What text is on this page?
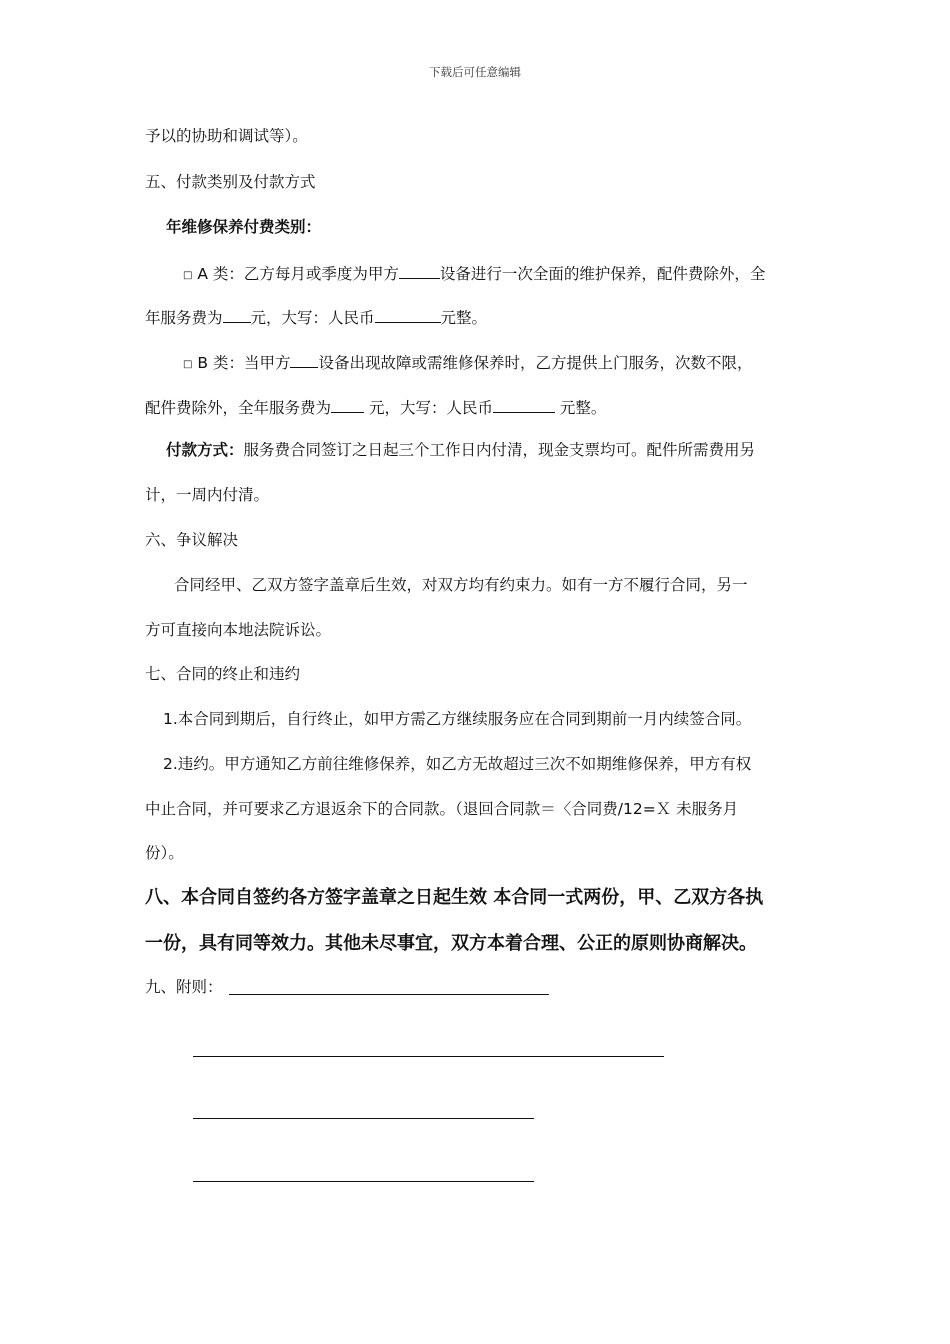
下载后可任意编辑
予以的协助和调试等）。
五、付款类别及付款方式
年维修保养付费类别：
□ A 类：乙方每月或季度为甲方	设备进行一次全面的维护保养，配件费除外，全
年服务费为 元，大写：人民币	元整。
□ B 类：当甲方 设备出现故障或需维修保养时，乙方提供上门服务，次数不限，
配件费除外，全年服务费为 元，大写：人民币	元整。
付款方式：服务费合同签订之日起三个工作日内付清，现金支票均可。配件所需费用另
计，一周内付清。
六、争议解决
合同经甲、乙双方签字盖章后生效，对双方均有约束力。如有一方不履行合同，另一
方可直接向本地法院诉讼。
七、合同的终止和违约
1.本合同到期后，自行终止，如甲方需乙方继续服务应在合同到期前一月内续签合同。
2.违约。甲方通知乙方前往维修保养，如乙方无故超过三次不如期维修保养，甲方有权
中止合同，并可要求乙方退返余下的合同款。（退回合同款＝〈合同费/12=Ｘ 未服务月
份）。
八、本合同自签约各方签字盖章之日起生效 本合同一式两份，甲、乙双方各执
一份，具有同等效力。其他未尽事宜，双方本着合理、公正的原则协商解决。
九、附则：
